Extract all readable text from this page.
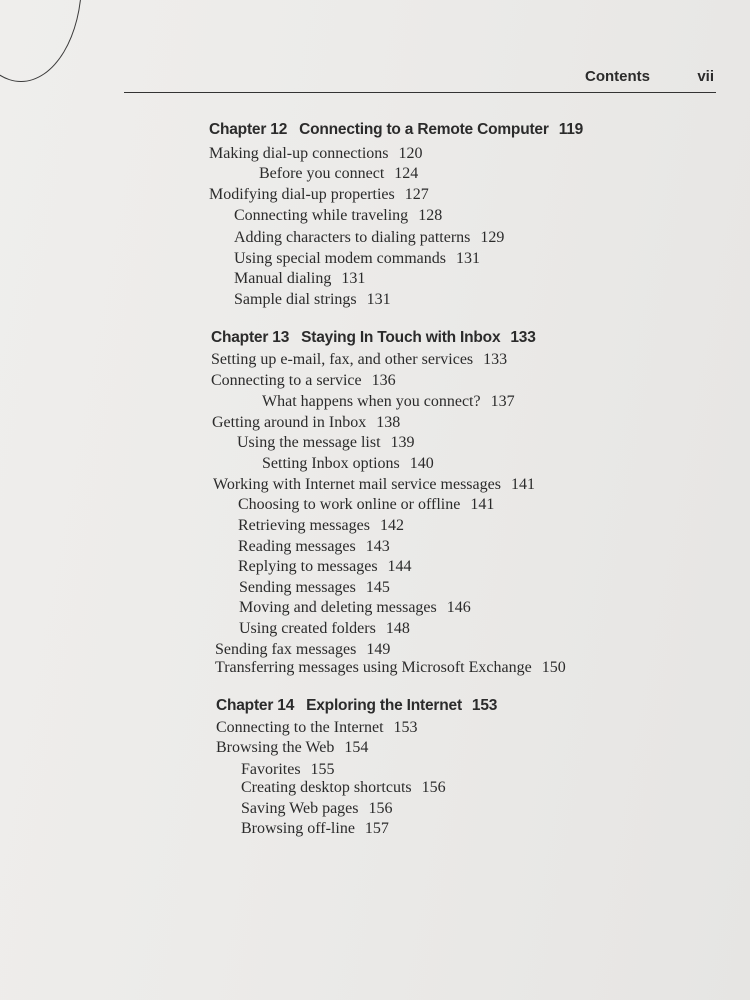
Contents	vii
Chapter 12 Connecting to a Remote Computer 119
Making dial-up connections 120
Before you connect 124
Modifying dial-up properties 127
Connecting while traveling 128
Adding characters to dialing patterns 129
Using special modem commands 131
Manual dialing 131
Sample dial strings 131
Chapter 13 Staying In Touch with Inbox 133
Setting up e-mail, fax, and other services 133
Connecting to a service 136
What happens when you connect? 137
Getting around in Inbox 138
Using the message list 139
Setting Inbox options 140
Working with Internet mail service messages 141
Choosing to work online or offline 141
Retrieving messages 142
Reading messages 143
Replying to messages 144
Sending messages 145
Moving and deleting messages 146
Using created folders 148
Sending fax messages 149
Transferring messages using Microsoft Exchange 150
Chapter 14 Exploring the Internet 153
Connecting to the Internet 153
Browsing the Web 154
Favorites 155
Creating desktop shortcuts 156
Saving Web pages 156
Browsing off-line 157
